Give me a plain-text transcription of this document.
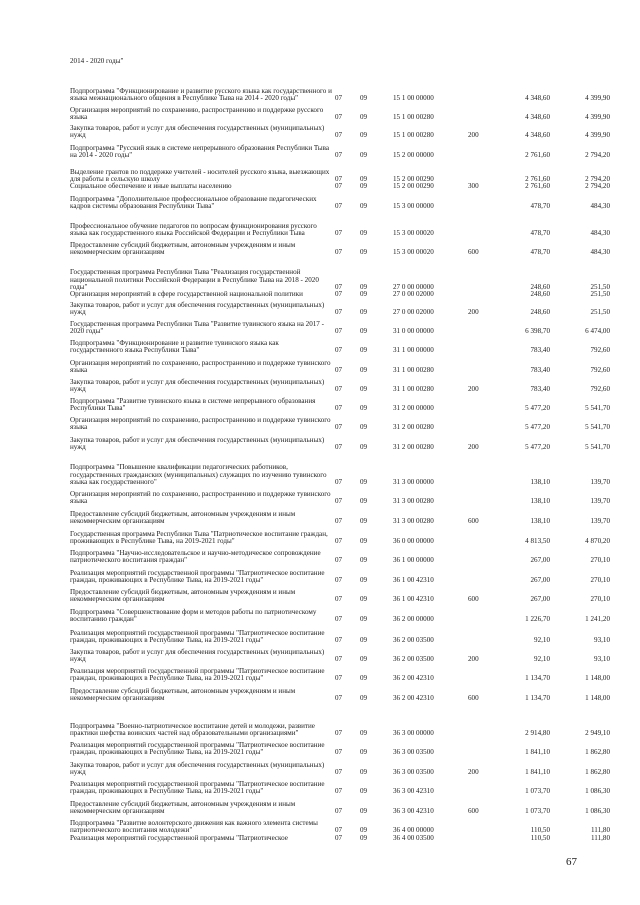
2014 - 2020 годы"
Подпрограмма "Функционирование и развитие русского языка как государственного и языка межнационального общения в Республике Тыва на 2014 - 2020 годы"	07	09	15 1 00 00000	4 348,60	4 399,90
Организация мероприятий по сохранению, распространению и поддержке русского языка	07	09	15 1 00 00280	4 348,60	4 399,90
Закупка товаров, работ и услуг для обеспечения государственных (муниципальных) нужд	07	09	15 1 00 00280	200	4 348,60	4 399,90
Подпрограмма "Русский язык в системе непрерывного образования Республики Тыва на 2014 - 2020 годы"	07	09	15 2 00 00000	2 761,60	2 794,20
Выделение грантов по поддержке учителей - носителей русского языка, выезжающих для работы в сельскую школу	07	09	15 2 00 00290	2 761,60	2 794,20
Социальное обеспечение и иные выплаты населению	07	09	15 2 00 00290	300	2 761,60	2 794,20
Подпрограмма "Дополнительное профессиональное образование педагогических кадров системы образования Республики Тыва"	07	09	15 3 00 00000	478,70	484,30
Профессиональное обучение педагогов по вопросам функционирования русского языка как государственного языка Российской Федерации и Республики Тыва	07	09	15 3 00 00020	478,70	484,30
Предоставление субсидий бюджетным, автономным учреждениям и иным некоммерческим организациям	07	09	15 3 00 00020	600	478,70	484,30
Государственная программа Республики Тыва "Реализация государственной национальной политики Российской Федерации в Республике Тыва на 2018 - 2020 годы"	07	09	27 0 00 00000	248,60	251,50
Организация мероприятий в сфере государственной национальной политики	07	09	27 0 00 02000	248,60	251,50
Закупка товаров, работ и услуг для обеспечения государственных (муниципальных) нужд	07	09	27 0 00 02000	200	248,60	251,50
Государственная программа Республики Тыва "Развитие тувинского языка на 2017 - 2020 годы"	07	09	31 0 00 00000	6 398,70	6 474,00
Подпрограмма "Функционирование и развитие тувинского языка как государственного языка Республики Тыва"	07	09	31 1 00 00000	783,40	792,60
Организация мероприятий по сохранению, распространению и поддержке тувинского языка	07	09	31 1 00 00280	783,40	792,60
Закупка товаров, работ и услуг для обеспечения государственных (муниципальных) нужд	07	09	31 1 00 00280	200	783,40	792,60
Подпрограмма "Развитие тувинского языка в системе непрерывного образования Республики Тыва"	07	09	31 2 00 00000	5 477,20	5 541,70
Организация мероприятий по сохранению, распространению и поддержке тувинского языка	07	09	31 2 00 00280	5 477,20	5 541,70
Закупка товаров, работ и услуг для обеспечения государственных (муниципальных) нужд	07	09	31 2 00 00280	200	5 477,20	5 541,70
Подпрограмма "Повышение квалификации педагогических работников, государственных гражданских (муниципальных) служащих по изучению тувинского языка как государственного"	07	09	31 3 00 00000	138,10	139,70
Организация мероприятий по сохранению, распространению и поддержке тувинского языка	07	09	31 3 00 00280	138,10	139,70
Предоставление субсидий бюджетным, автономным учреждениям и иным некоммерческим организациям	07	09	31 3 00 00280	600	138,10	139,70
Государственная программа Республики Тыва "Патриотическое воспитание граждан, проживающих в Республике Тыва, на 2019-2021 годы"	07	09	36 0 00 00000	4 813,50	4 870,20
Подпрограмма "Научно-исследовательское и научно-методическое сопровождение патриотического воспитания граждан"	07	09	36 1 00 00000	267,00	270,10
Реализация мероприятий государственной программы "Патриотическое воспитание граждан, проживающих в Республике Тыва, на 2019-2021 годы"	07	09	36 1 00 42310	267,00	270,10
Предоставление субсидий бюджетным, автономным учреждениям и иным некоммерческим организациям	07	09	36 1 00 42310	600	267,00	270,10
Подпрограмма "Совершенствование форм и методов работы по патриотическому воспитанию граждан"	07	09	36 2 00 00000	1 226,70	1 241,20
Реализация мероприятий государственной программы "Патриотическое воспитание граждан, проживающих в Республике Тыва, на 2019-2021 годы"	07	09	36 2 00 03500	92,10	93,10
Закупка товаров, работ и услуг для обеспечения государственных (муниципальных) нужд	07	09	36 2 00 03500	200	92,10	93,10
Реализация мероприятий государственной программы "Патриотическое воспитание граждан, проживающих в Республике Тыва, на 2019-2021 годы"	07	09	36 2 00 42310	1 134,70	1 148,00
Предоставление субсидий бюджетным, автономным учреждениям и иным некоммерческим организациям	07	09	36 2 00 42310	600	1 134,70	1 148,00
Подпрограмма "Военно-патриотическое воспитание детей и молодежи, развитие практики шефства воинских частей над образовательными организациями"	07	09	36 3 00 00000	2 914,80	2 949,10
Реализация мероприятий государственной программы "Патриотическое воспитание граждан, проживающих в Республике Тыва, на 2019-2021 годы"	07	09	36 3 00 03500	1 841,10	1 862,80
Закупка товаров, работ и услуг для обеспечения государственных (муниципальных) нужд	07	09	36 3 00 03500	200	1 841,10	1 862,80
Реализация мероприятий государственной программы "Патриотическое воспитание граждан, проживающих в Республике Тыва, на 2019-2021 годы"	07	09	36 3 00 42310	1 073,70	1 086,30
Предоставление субсидий бюджетным, автономным учреждениям и иным некоммерческим организациям	07	09	36 3 00 42310	600	1 073,70	1 086,30
Подпрограмма "Развитие волонтерского движения как важного элемента системы патриотического воспитания молодежи"	07	09	36 4 00 00000	110,50	111,80
Реализация мероприятий государственной программы "Патриотическое	07	09	36 4 00 03500	110,50	111,80
67
